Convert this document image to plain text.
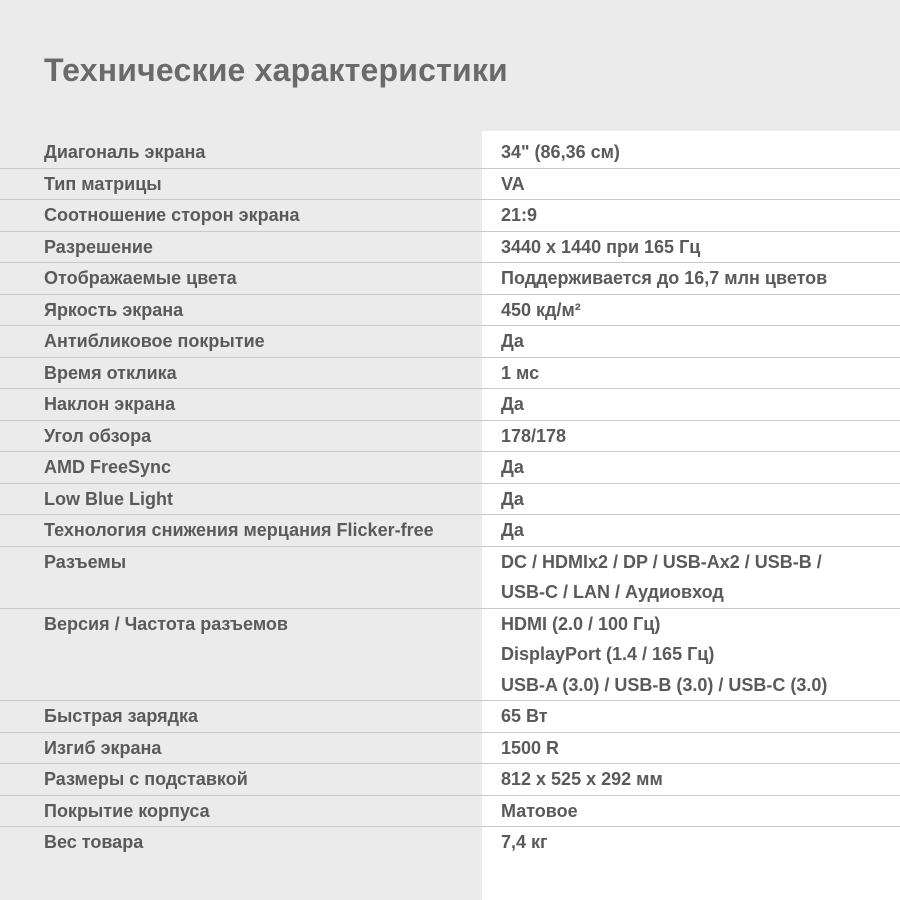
Технические характеристики
Диагональ экрана	34" (86,36 см)
Тип матрицы	VA
Соотношение сторон экрана	21:9
Разрешение	3440 x 1440 при 165 Гц
Отображаемые цвета	Поддерживается до 16,7 млн цветов
Яркость экрана	450 кд/м²
Антибликовое покрытие	Да
Время отклика	1 мс
Наклон экрана	Да
Угол обзора	178/178
AMD FreeSync	Да
Low Blue Light	Да
Технология снижения мерцания Flicker-free	Да
Разъемы	DC / HDMIx2 / DP / USB-Ax2 / USB-B /
USB-C / LAN / Аудиовход
Версия / Частота разъемов	HDMI (2.0 / 100 Гц)
DisplayPort (1.4 / 165 Гц)
USB-A (3.0) / USB-B (3.0) / USB-C (3.0)
Быстрая зарядка	65 Вт
Изгиб экрана	1500 R
Размеры с подставкой	812 x 525 x 292 мм
Покрытие корпуса	Матовое
Вес товара	7,4 кг
